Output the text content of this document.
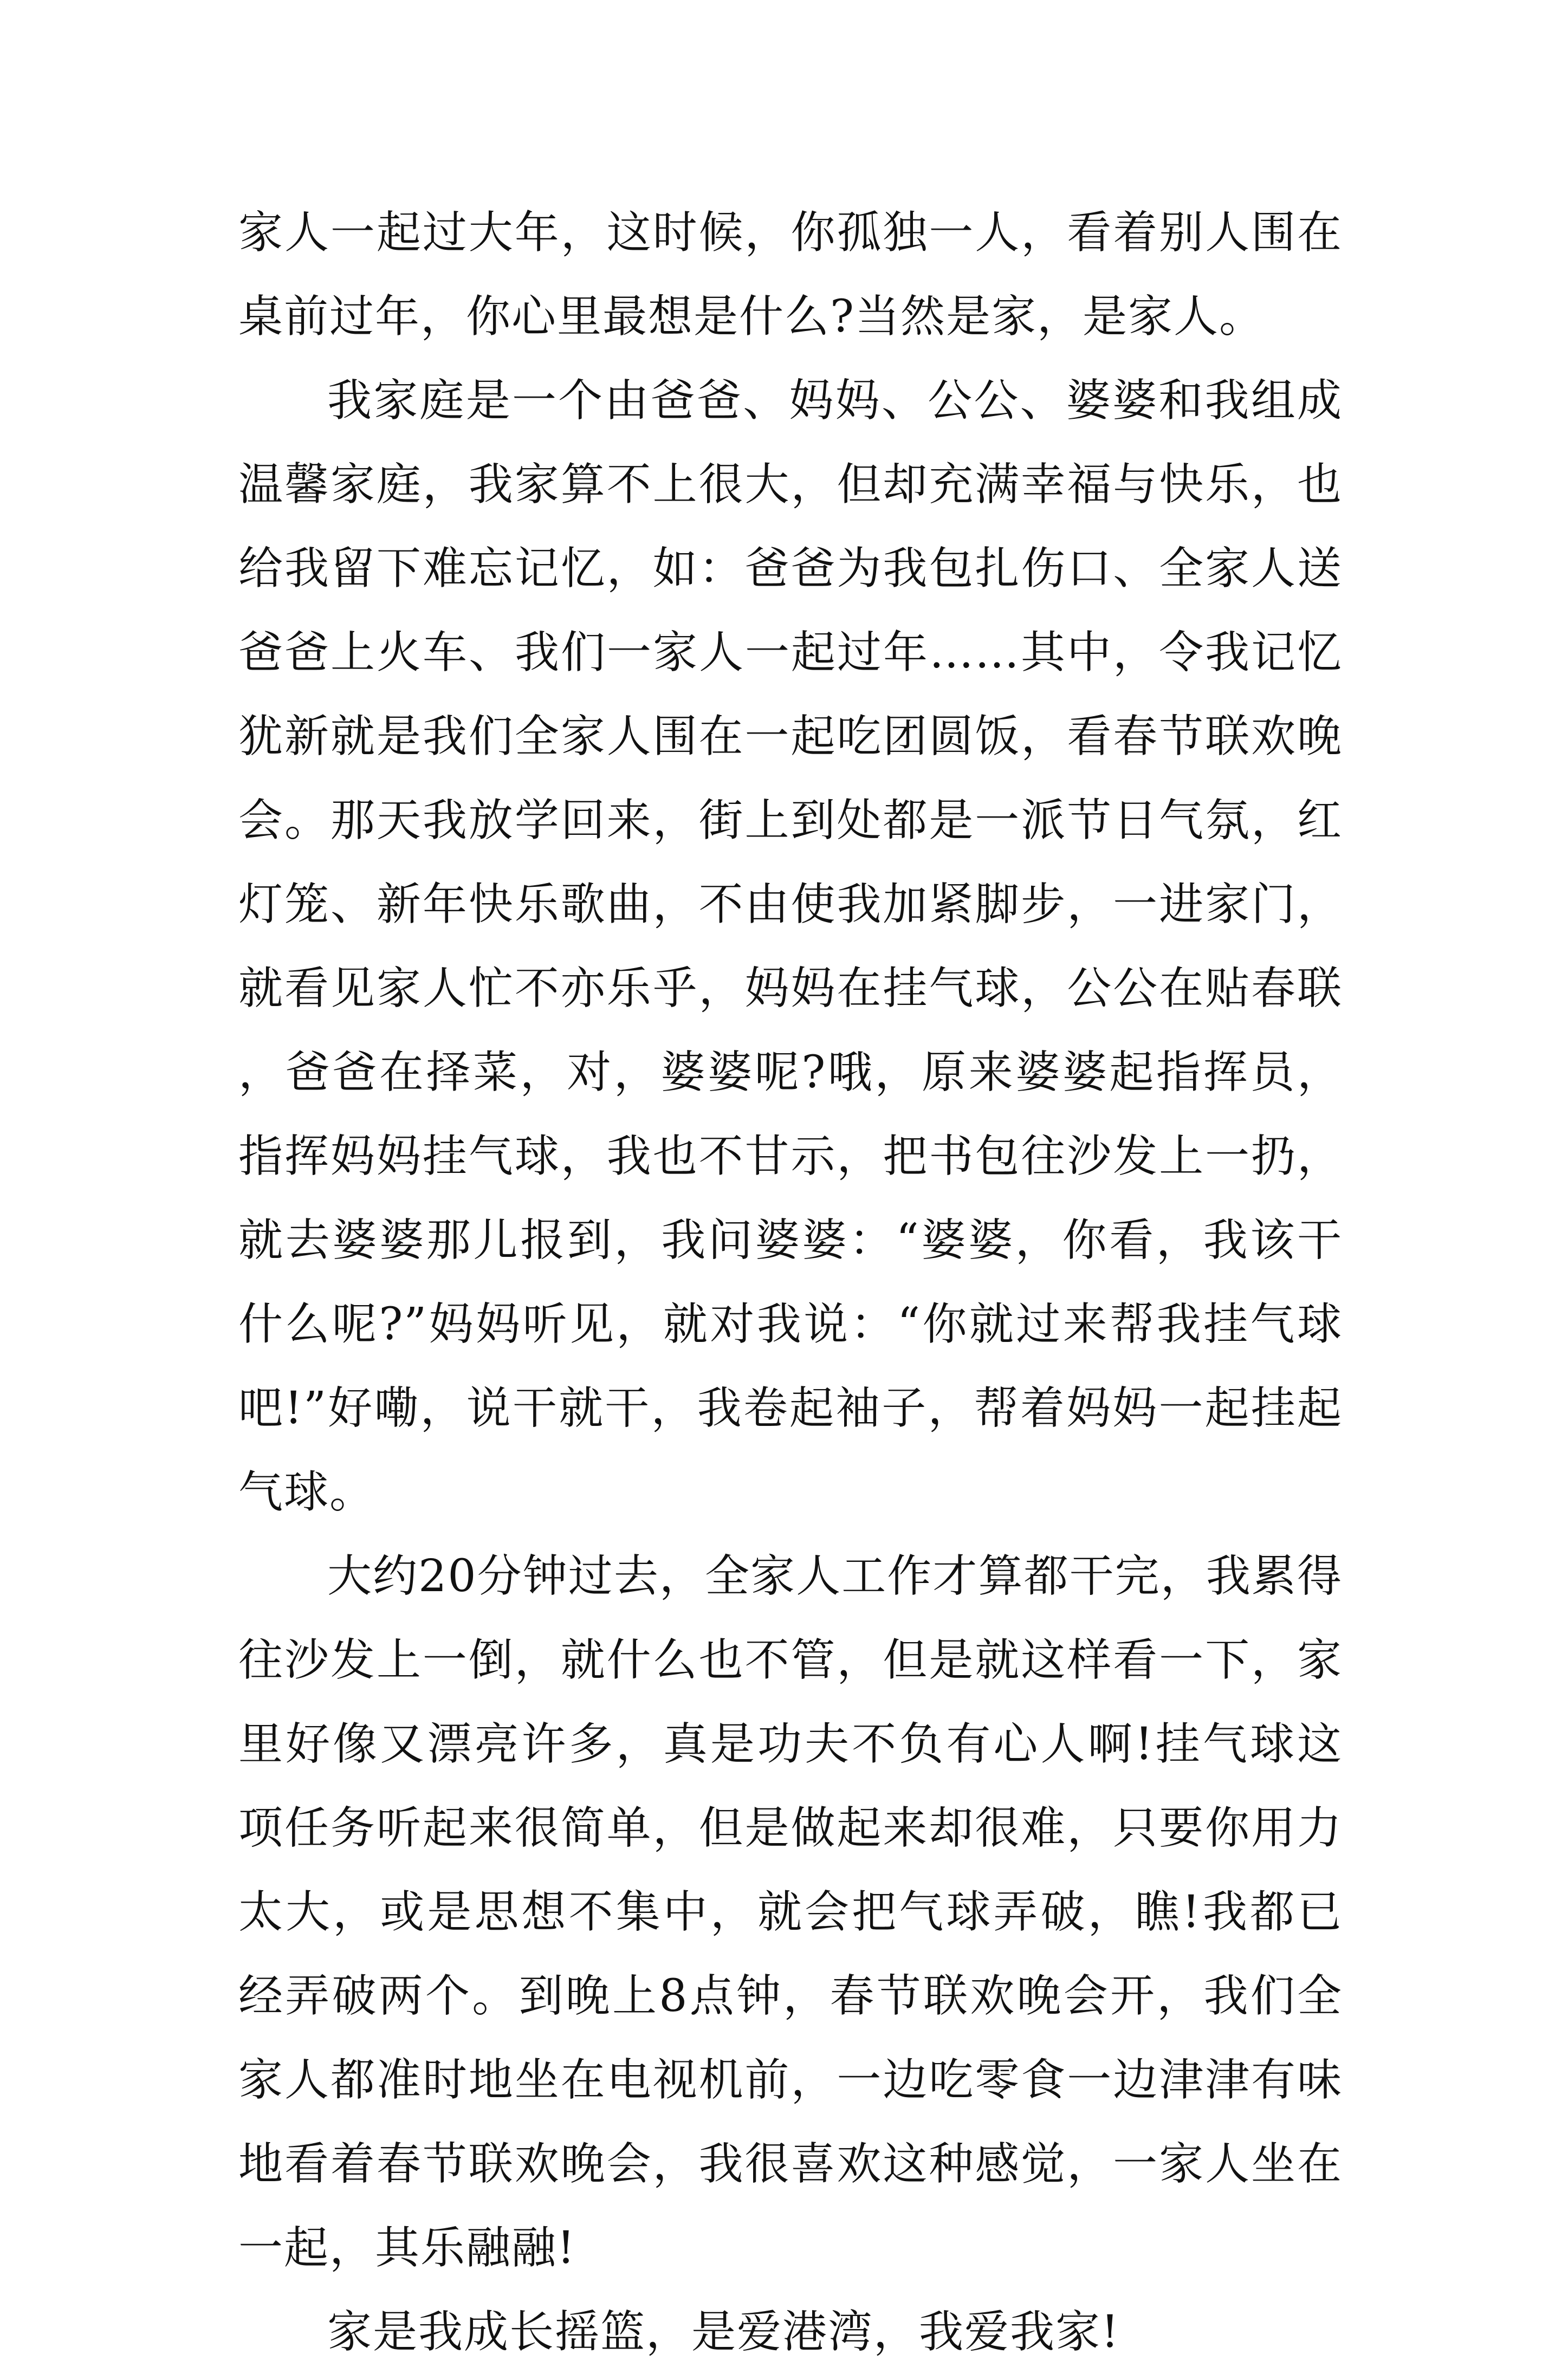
家人一起过大年，这时候，你孤独一人，看着别人围在桌前过年，你心里最想是什么?当然是家，是家人。

我家庭是一个由爸爸、妈妈、公公、婆婆和我组成温馨家庭，我家算不上很大，但却充满幸福与快乐，也给我留下难忘记忆，如：爸爸为我包扎伤口、全家人送爸爸上火车、我们一家人一起过年……其中，令我记忆犹新就是我们全家人围在一起吃团圆饭，看春节联欢晚会。那天我放学回来，街上到处都是一派节日气氛，红灯笼、新年快乐歌曲，不由使我加紧脚步，一进家门，就看见家人忙不亦乐乎，妈妈在挂气球，公公在贴春联，爸爸在择菜，对，婆婆呢?哦，原来婆婆起指挥员，指挥妈妈挂气球，我也不甘示，把书包往沙发上一扔，就去婆婆那儿报到，我问婆婆：“婆婆，你看，我该干什么呢?”妈妈听见，就对我说：“你就过来帮我挂气球吧!”好嘞，说干就干，我卷起袖子，帮着妈妈一起挂起气球。

大约20分钟过去，全家人工作才算都干完，我累得往沙发上一倒，就什么也不管，但是就这样看一下，家里好像又漂亮许多，真是功夫不负有心人啊!挂气球这项任务听起来很简单，但是做起来却很难，只要你用力太大，或是思想不集中，就会把气球弄破，瞧!我都已经弄破两个。到晚上8点钟，春节联欢晚会开，我们全家人都准时地坐在电视机前，一边吃零食一边津津有味地看着春节联欢晚会，我很喜欢这种感觉，一家人坐在一起，其乐融融!

家是我成长摇篮，是爱港湾，我爱我家!
